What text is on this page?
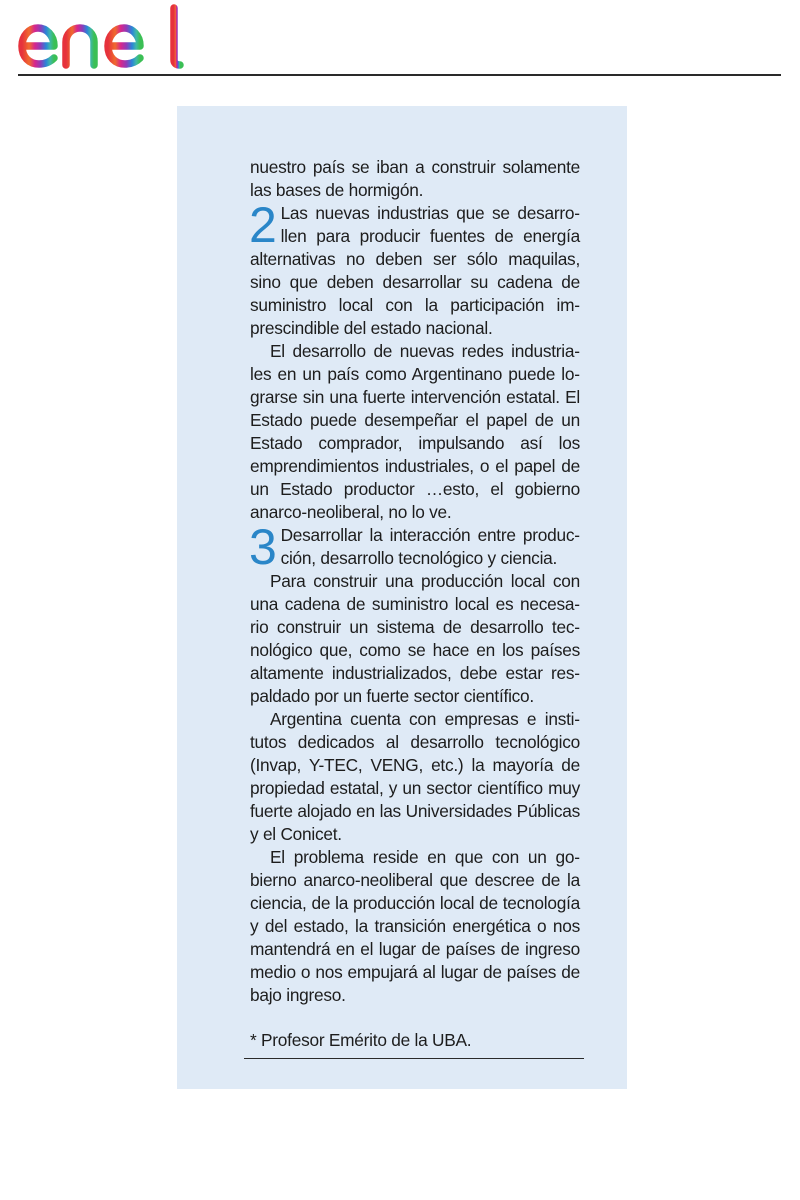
nuestro país se iban a construir solamente las bases de hormigón.

2 Las nuevas industrias que se desarrollen para producir fuentes de energía alternativas no deben ser sólo maquilas, sino que deben desarrollar su cadena de suministro local con la participación imprescindible del estado nacional.

El desarrollo de nuevas redes industriales en un país como Argentinano puede lograrse sin una fuerte intervención estatal. El Estado puede desempeñar el papel de un Estado comprador, impulsando así los emprendimientos industriales, o el papel de un Estado productor …esto, el gobierno anarco-neoliberal, no lo ve.

3 Desarrollar la interacción entre producción, desarrollo tecnológico y ciencia.

Para construir una producción local con una cadena de suministro local es necesario construir un sistema de desarrollo tecnológico que, como se hace en los países altamente industrializados, debe estar respaldado por un fuerte sector científico.

Argentina cuenta con empresas e institutos dedicados al desarrollo tecnológico (Invap, Y-TEC, VENG, etc.) la mayoría de propiedad estatal, y un sector científico muy fuerte alojado en las Universidades Públicas y el Conicet.

El problema reside en que con un gobierno anarco-neoliberal que descree de la ciencia, de la producción local de tecnología y del estado, la transición energética o nos mantendrá en el lugar de países de ingreso medio o nos empujará al lugar de países de bajo ingreso.

* Profesor Emérito de la UBA.
